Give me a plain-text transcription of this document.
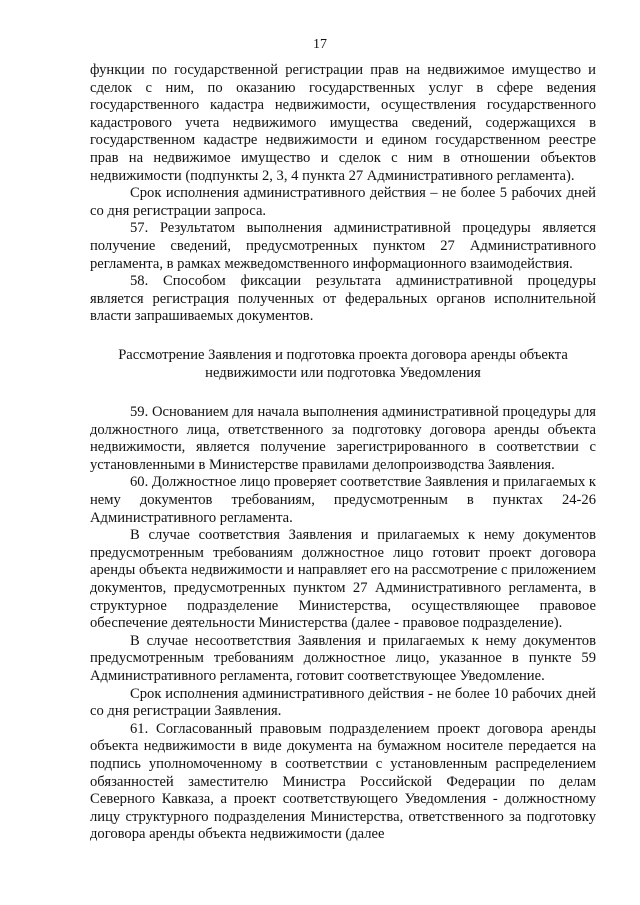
17

функции по государственной регистрации прав на недвижимое имущество и сделок с ним, по оказанию государственных услуг в сфере ведения государственного кадастра недвижимости, осуществления государственного кадастрового учета недвижимого имущества сведений, содержащихся в государственном кадастре недвижимости и едином государственном реестре прав на недвижимое имущество и сделок с ним в отношении объектов недвижимости (подпункты 2, 3, 4 пункта 27 Административного регламента).

Срок исполнения административного действия – не более 5 рабочих дней со дня регистрации запроса.

57. Результатом выполнения административной процедуры является получение сведений, предусмотренных пунктом 27 Административного регламента, в рамках межведомственного информационного взаимодействия.

58. Способом фиксации результата административной процедуры является регистрация полученных от федеральных органов исполнительной власти запрашиваемых документов.

Рассмотрение Заявления и подготовка проекта договора аренды объекта недвижимости или подготовка Уведомления

59. Основанием для начала выполнения административной процедуры для должностного лица, ответственного за подготовку договора аренды объекта недвижимости, является получение зарегистрированного в соответствии с установленными в Министерстве правилами делопроизводства Заявления.

60. Должностное лицо проверяет соответствие Заявления и прилагаемых к нему документов требованиям, предусмотренным в пунктах 24-26 Административного регламента.

В случае соответствия Заявления и прилагаемых к нему документов предусмотренным требованиям должностное лицо готовит проект договора аренды объекта недвижимости и направляет его на рассмотрение с приложением документов, предусмотренных пунктом 27 Административного регламента, в структурное подразделение Министерства, осуществляющее правовое обеспечение деятельности Министерства (далее - правовое подразделение).

В случае несоответствия Заявления и прилагаемых к нему документов предусмотренным требованиям должностное лицо, указанное в пункте 59 Административного регламента, готовит соответствующее Уведомление.

Срок исполнения административного действия - не более 10 рабочих дней со дня регистрации Заявления.

61. Согласованный правовым подразделением проект договора аренды объекта недвижимости в виде документа на бумажном носителе передается на подпись уполномоченному в соответствии с установленным распределением обязанностей заместителю Министра Российской Федерации по делам Северного Кавказа, а проект соответствующего Уведомления - должностному лицу структурного подразделения Министерства, ответственного за подготовку договора аренды объекта недвижимости (далее
